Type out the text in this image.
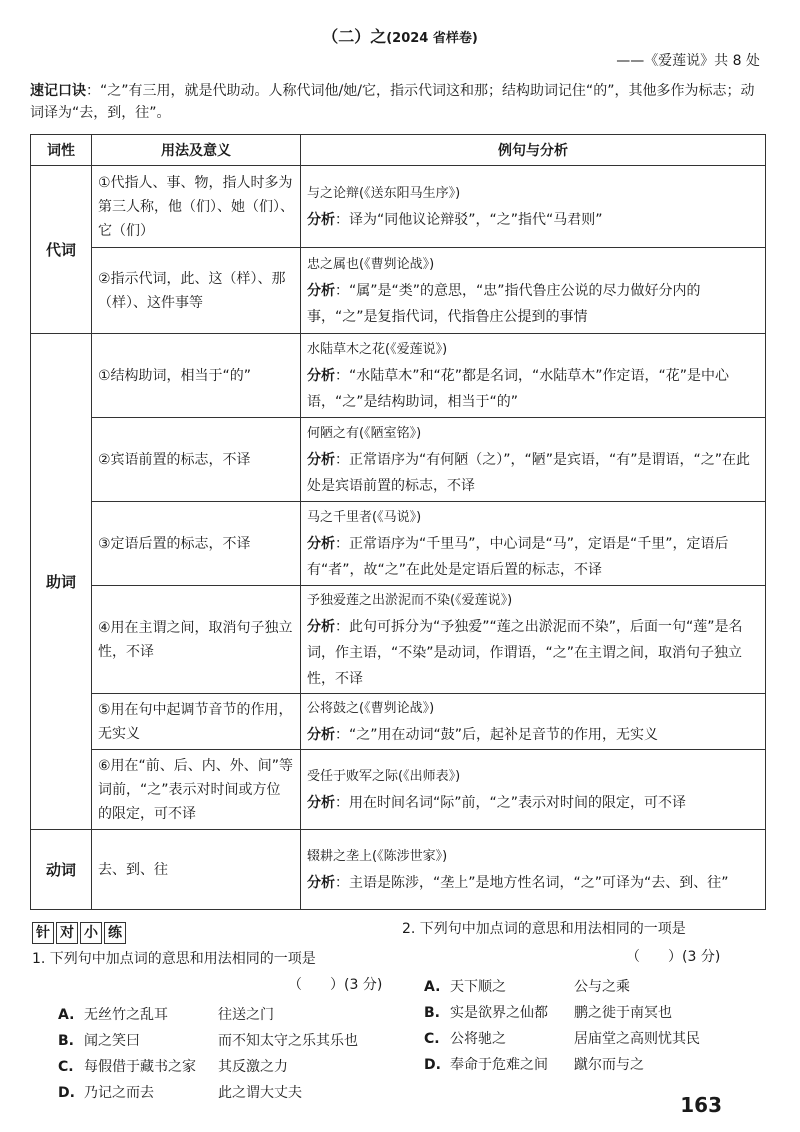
（二）之(2024 省样卷)
——《爱莲说》共 8 处
速记口诀：“之”有三用，就是代助动。人称代词他/她/它，指示代词这和那；结构助词记住“的”，其他多作为标志；动词译为“去，到，往”。
词性	用法及意义	例句与分析
代词	①代指人、事、物，指人时多为第三人称，他（们）、她（们）、它（们）	与之论辩(《送东阳马生序》)
分析：译为“同他议论辩驳”，“之”指代“马君则”

	②指示代词，此、这（样）、那（样）、这件事等	忠之属也(《曹刿论战》)
分析：“属”是“类”的意思，“忠”指代鲁庄公说的尽力做好分内的事，“之”是复指代词，代指鲁庄公提到的事情

助词	①结构助词，相当于“的”	水陆草木之花(《爱莲说》)
分析：“水陆草木”和“花”都是名词，“水陆草木”作定语，“花”是中心语，“之”是结构助词，相当于“的”

	②宾语前置的标志，不译	何陋之有(《陋室铭》)
分析：正常语序为“有何陋（之）”，“陋”是宾语，“有”是谓语，“之”在此处是宾语前置的标志，不译

	③定语后置的标志，不译	马之千里者(《马说》)
分析：正常语序为“千里马”，中心词是“马”，定语是“千里”，定语后有“者”，故“之”在此处是定语后置的标志，不译

	④用在主谓之间，取消句子独立性，不译	予独爱莲之出淤泥而不染(《爱莲说》)
分析：此句可拆分为“予独爱”“莲之出淤泥而不染”，后面一句“莲”是名词，作主语，“不染”是动词，作谓语，“之”在主谓之间，取消句子独立性，不译

	⑤用在句中起调节音节的作用，无实义	公将鼓之(《曹刿论战》)
分析：“之”用在动词“鼓”后，起补足音节的作用，无实义

	⑥用在“前、后、内、外、间”等词前，“之”表示对时间或方位的限定，可不译	受任于败军之际(《出师表》)
分析：用在时间名词“际”前，“之”表示对时间的限定，可不译

动词	去、到、往	辍耕之垄上(《陈涉世家》)
分析：主语是陈涉，“垄上”是地方性名词，“之”可译为“去、到、往”
针 对 小 练
1. 下列句中加点词的意思和用法相同的一项是
（　　）(3 分)
A. 无丝竹之乱耳	往送之门
B. 闻之笑曰	而不知太守之乐其乐也
C. 每假借于藏书之家 其反激之力
D. 乃记之而去	此之谓大丈夫
2. 下列句中加点词的意思和用法相同的一项是
（　　）(3 分)
A. 天下顺之	公与之乘
B. 实是欲界之仙都 鹏之徙于南冥也
C. 公将驰之	居庙堂之高则忧其民
D. 奉命于危难之间 蹴尔而与之
163
